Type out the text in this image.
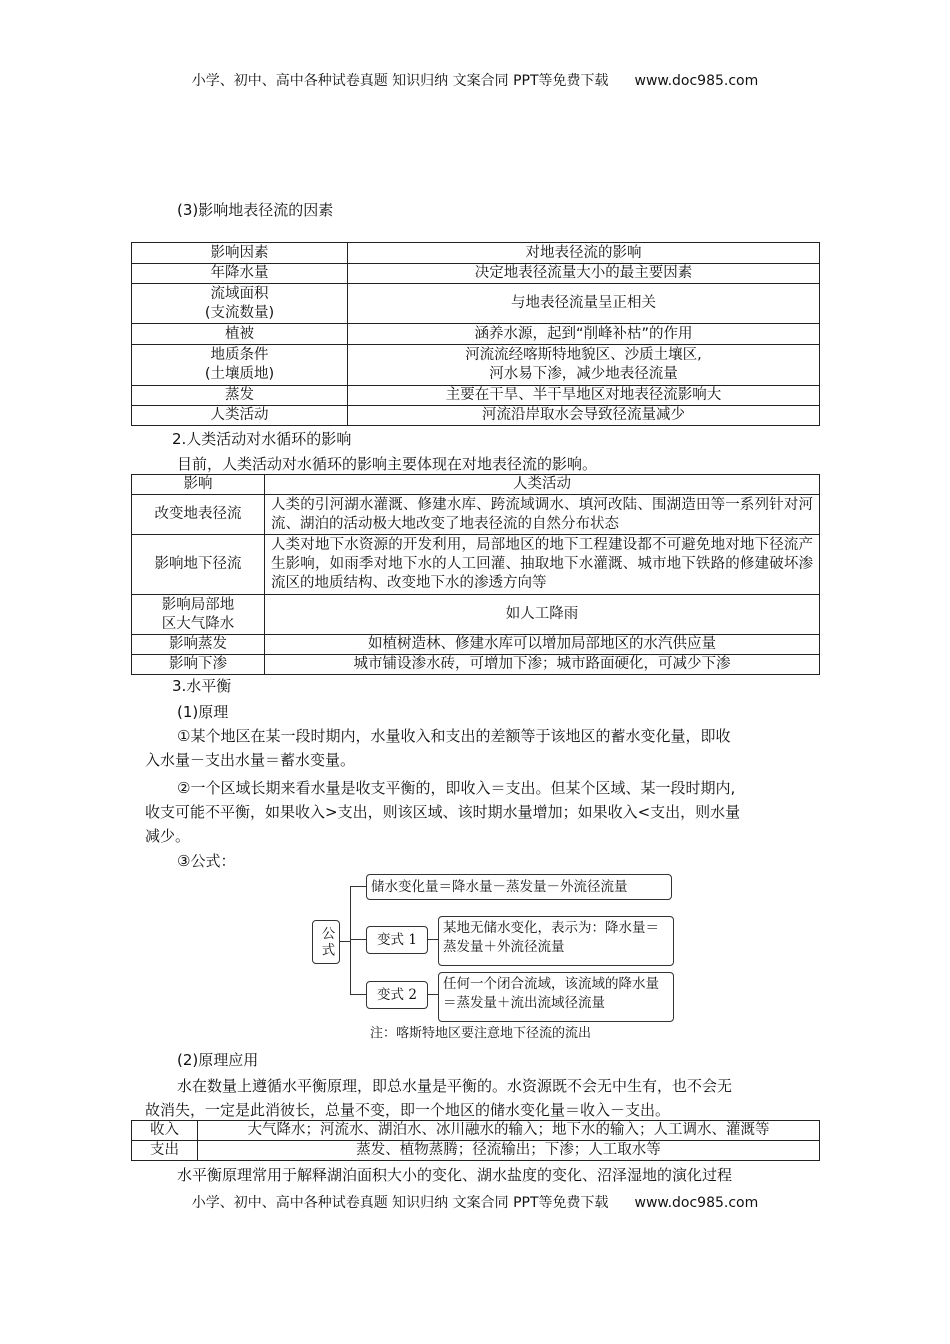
小学、初中、高中各种试卷真题 知识归纳 文案合同 PPT等免费下载 www.doc985.com
(3)影响地表径流的因素
影响因素	对地表径流的影响
年降水量	决定地表径流量大小的最主要因素
流域面积
(支流数量)	与地表径流量呈正相关
植被	涵养水源，起到“削峰补枯”的作用
地质条件
(土壤质地)	河流流经喀斯特地貌区、沙质土壤区,
河水易下渗，减少地表径流量
蒸发	主要在干旱、半干旱地区对地表径流影响大
人类活动	河流沿岸取水会导致径流量减少
2.人类活动对水循环的影响
目前，人类活动对水循环的影响主要体现在对地表径流的影响。
影响	人类活动
改变地表径流	人类的引河湖水灌溉、修建水库、跨流域调水、填河改陆、围湖造田等一系列针对河流、湖泊的活动极大地改变了地表径流的自然分布状态
影响地下径流	人类对地下水资源的开发利用，局部地区的地下工程建设都不可避免地对地下径流产生影响，如雨季对地下水的人工回灌、抽取地下水灌溉、城市地下铁路的修建破坏渗流区的地质结构、改变地下水的渗透方向等
影响局部地
区大气降水	如人工降雨
影响蒸发	如植树造林、修建水库可以增加局部地区的水汽供应量
影响下渗	城市铺设渗水砖，可增加下渗；城市路面硬化，可减少下渗
3.水平衡
(1)原理
①某个地区在某一段时期内，水量收入和支出的差额等于该地区的蓄水变化量，即收
入水量－支出水量＝蓄水变量。
②一个区域长期来看水量是收支平衡的，即收入＝支出。但某个区域、某一段时期内,
收支可能不平衡，如果收入>支出，则该区域、该时期水量增加；如果收入<支出，则水量
减少。
③公式：
公式
储水变化量＝降水量－蒸发量－外流径流量
变式 1
某地无储水变化，表示为：降水量＝蒸发量＋外流径流量
变式 2
任何一个闭合流域，该流域的降水量＝蒸发量＋流出流域径流量
注：喀斯特地区要注意地下径流的流出
(2)原理应用
水在数量上遵循水平衡原理，即总水量是平衡的。水资源既不会无中生有，也不会无
故消失，一定是此消彼长，总量不变，即一个地区的储水变化量＝收入－支出。
收入	大气降水；河流水、湖泊水、冰川融水的输入；地下水的输入；人工调水、灌溉等
支出	蒸发、植物蒸腾；径流输出；下渗；人工取水等
水平衡原理常用于解释湖泊面积大小的变化、湖水盐度的变化、沼泽湿地的演化过程
小学、初中、高中各种试卷真题 知识归纳 文案合同 PPT等免费下载 www.doc985.com
